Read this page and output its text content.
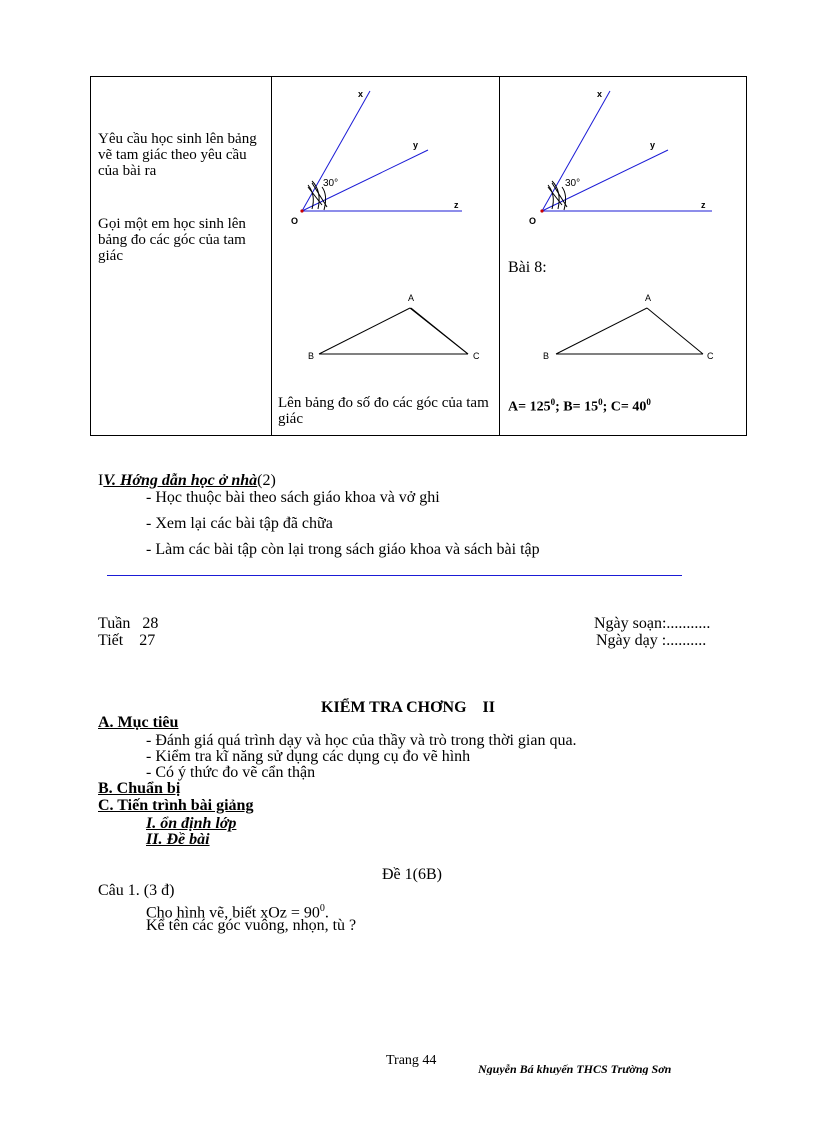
Yêu cầu học sinh lên bảng vẽ tam giác theo yêu cầu của bài ra
Gọi một em học sinh lên bảng đo các góc của tam giác
x
y
z
O
30°
A
B	C
Lên bảng đo số đo các góc của tam giác
x
y
z
O
30°
A
B	C
Bài 8:
$A= 125^0$; $B= 15^0$; $C= 40^0$
IV. Hớng dẫn học ở nhà(2)
- Học thuộc bài theo sách giáo khoa và vở ghi
- Xem lại các bài tập đã chữa
- Làm các bài tập còn lại trong sách giáo khoa và sách bài tập
Tuần 28
Tiết 27
Ngày soạn:...........
Ngày dạy :..........
KIỂM TRA CHƠNG    II
A. Mục tiêu
- Đánh giá quá trình dạy và học của thầy và trò trong thời gian qua.
- Kiểm tra kĩ năng sử dụng các dụng cụ đo vẽ hình
- Có ý thức đo vẽ cẩn thận
B. Chuẩn bị
C. Tiến trình bài giảng
I. ổn định lớp
II. Đề bài
Đề 1(6B)
Câu 1. (3 đ)
Cho hình vẽ, biết xOz = $90^0$.
Kể tên các góc vuông, nhọn, tù ?
Trang 44
Nguyễn Bá khuyến THCS Trường Sơn
